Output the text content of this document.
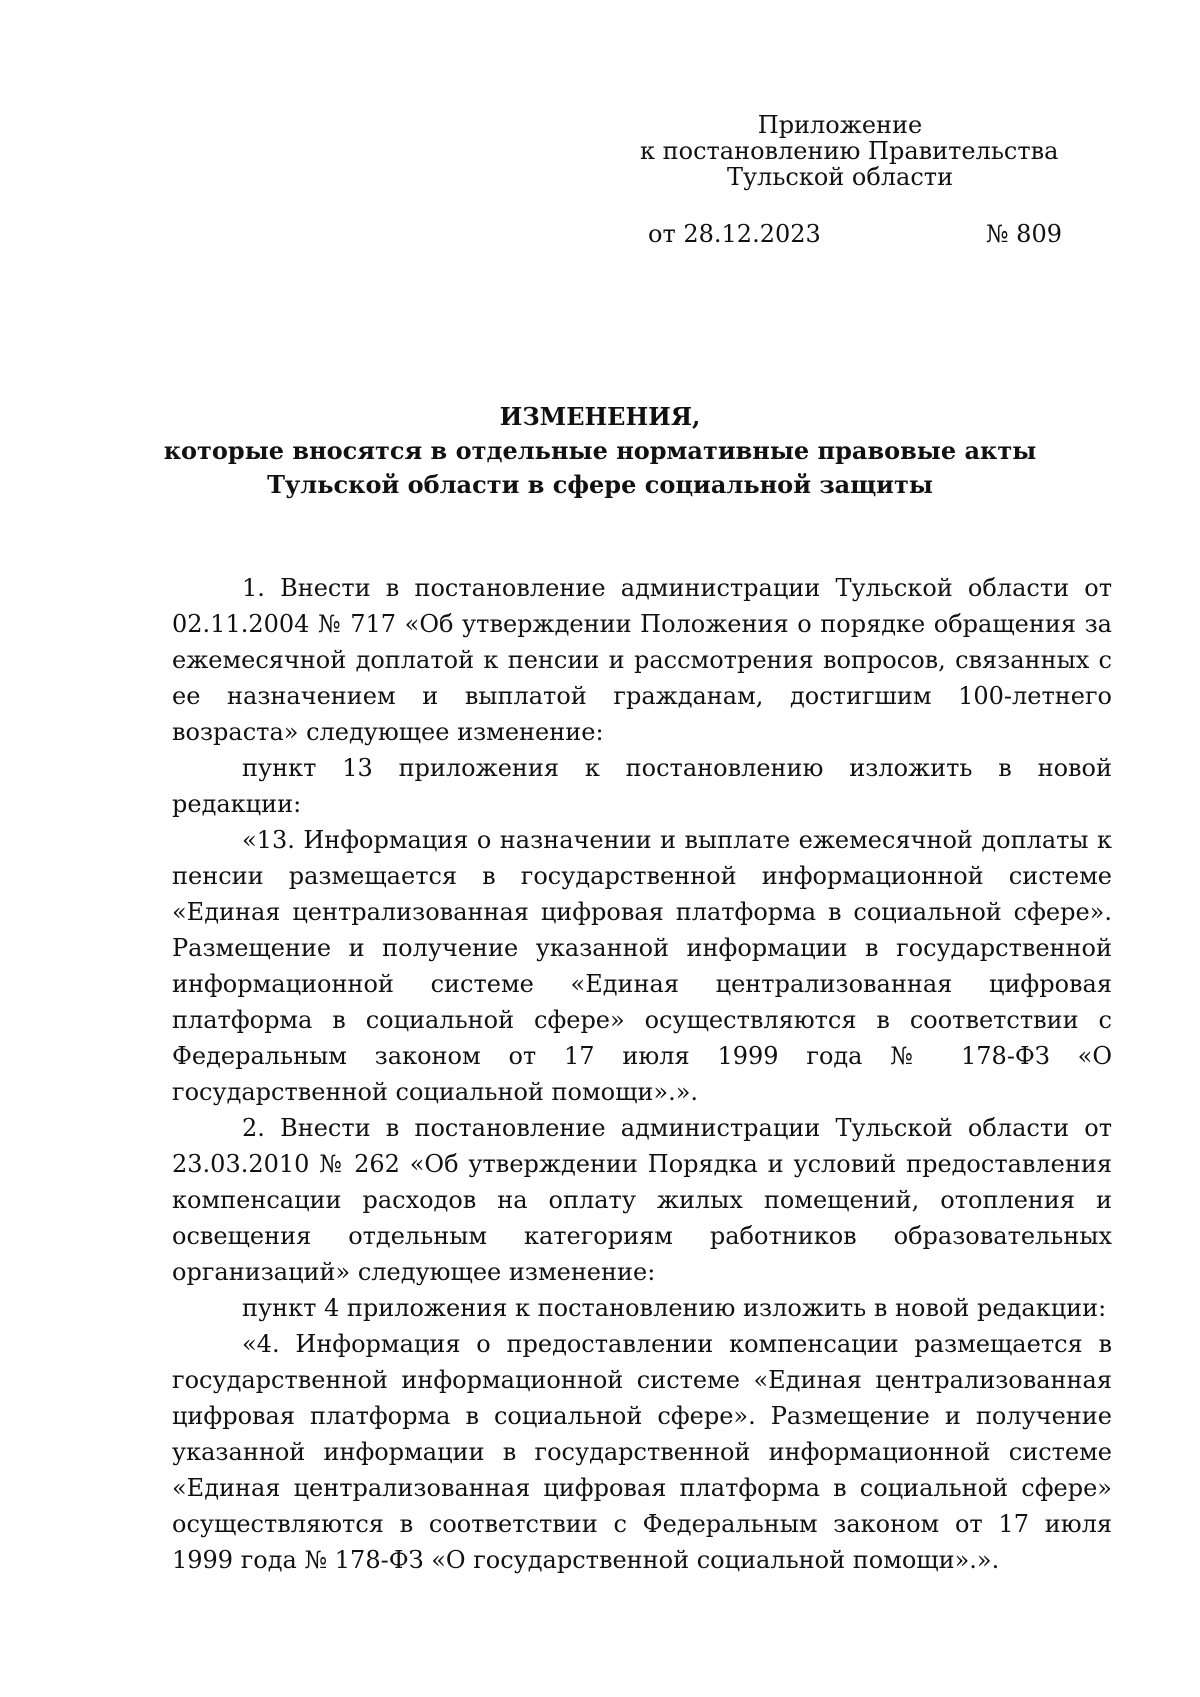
Приложение
к постановлению Правительства
Тульской области
от 28.12.2023	№ 809
ИЗМЕНЕНИЯ,
которые вносятся в отдельные нормативные правовые акты
Тульской области в сфере социальной защиты

1. Внести в постановление администрации Тульской области от 02.11.2004 № 717 «Об утверждении Положения о порядке обращения за ежемесячной доплатой к пенсии и рассмотрения вопросов, связанных с ее назначением и выплатой гражданам, достигшим 100-летнего возраста» следующее изменение:

пункт 13 приложения к постановлению изложить в новой редакции:

«13. Информация о назначении и выплате ежемесячной доплаты к пенсии размещается в государственной информационной системе «Единая централизованная цифровая платформа в социальной сфере». Размещение и получение указанной информации в государственной информационной системе «Единая централизованная цифровая платформа в социальной сфере» осуществляются в соответствии с Федеральным законом от 17 июля 1999 года № 178-ФЗ «О государственной социальной помощи».».

2. Внести в постановление администрации Тульской области от 23.03.2010 № 262 «Об утверждении Порядка и условий предоставления компенсации расходов на оплату жилых помещений, отопления и освещения отдельным категориям работников образовательных организаций» следующее изменение:

пункт 4 приложения к постановлению изложить в новой редакции:

«4. Информация о предоставлении компенсации размещается в государственной информационной системе «Единая централизованная цифровая платформа в социальной сфере». Размещение и получение указанной информации в государственной информационной системе «Единая централизованная цифровая платформа в социальной сфере» осуществляются в соответствии с Федеральным законом от 17 июля 1999 года № 178-ФЗ «О государственной социальной помощи».».
